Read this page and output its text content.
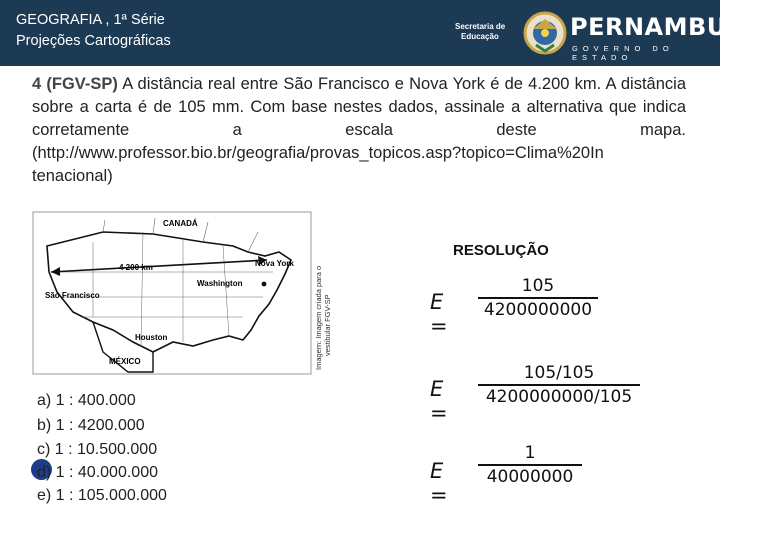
GEOGRAFIA , 1ª Série
Projeções Cartográficas
Secretaria de
Educação	PERNAMBUCO
GOVERNO DO ESTADO
4 (FGV-SP) A distância real entre São Francisco e Nova York é de 4.200 km. A distância sobre a carta é de 105 mm. Com base nestes dados, assinale a alternativa que indica corretamente a escala deste mapa. (http://www.professor.bio.br/geografia/provas_topicos.asp?topico=Clima%20In tenacional)
CANADÁ
4 200 km	Nova York
Washington
São Francisco
Houston
MÉXICO	Imagem: Imagem criada para o vestibular FGV-SP
RESOLUÇÃO
a) 1 : 400.000
b) 1 : 4200.000
c) 1 : 10.500.000
d) 1 : 40.000.000
e) 1 : 105.000.000
E =
105
4200000000
E =
105/105
4200000000/105
E =
1
40000000
